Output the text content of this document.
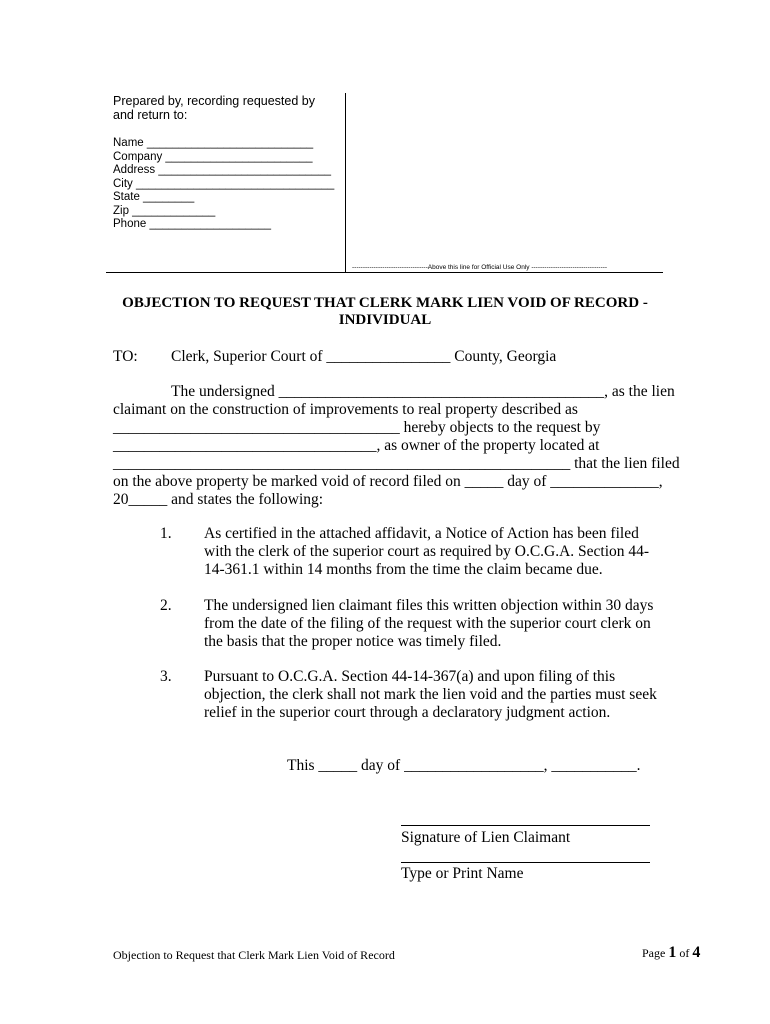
Prepared by, recording requested by
and return to:
Name __________________________
Company _______________________
Address ___________________________
City _______________________________
State ________
Zip _____________
Phone ___________________
-----------------------------------Above this line for Official Use Only -----------------------------------
OBJECTION TO REQUEST THAT CLERK MARK LIEN VOID OF RECORD -
INDIVIDUAL
TO: Clerk, Superior Court of ________________ County, Georgia
The undersigned __________________________________________, as the lien
claimant on the construction of improvements to real property described as
_____________________________________ hereby objects to the request by
__________________________________, as owner of the property located at
___________________________________________________________ that the lien filed
on the above property be marked void of record filed on _____ day of ______________,
20_____ and states the following:
1. As certified in the attached affidavit, a Notice of Action has been filed
with the clerk of the superior court as required by O.C.G.A. Section 44-
14-361.1 within 14 months from the time the claim became due.
2. The undersigned lien claimant files this written objection within 30 days
from the date of the filing of the request with the superior court clerk on
the basis that the proper notice was timely filed.
3. Pursuant to O.C.G.A. Section 44-14-367(a) and upon filing of this
objection, the clerk shall not mark the lien void and the parties must seek
relief in the superior court through a declaratory judgment action.
This _____ day of __________________, ___________.
Signature of Lien Claimant
Type or Print Name
Objection to Request that Clerk Mark Lien Void of Record	Page 1 of 4
